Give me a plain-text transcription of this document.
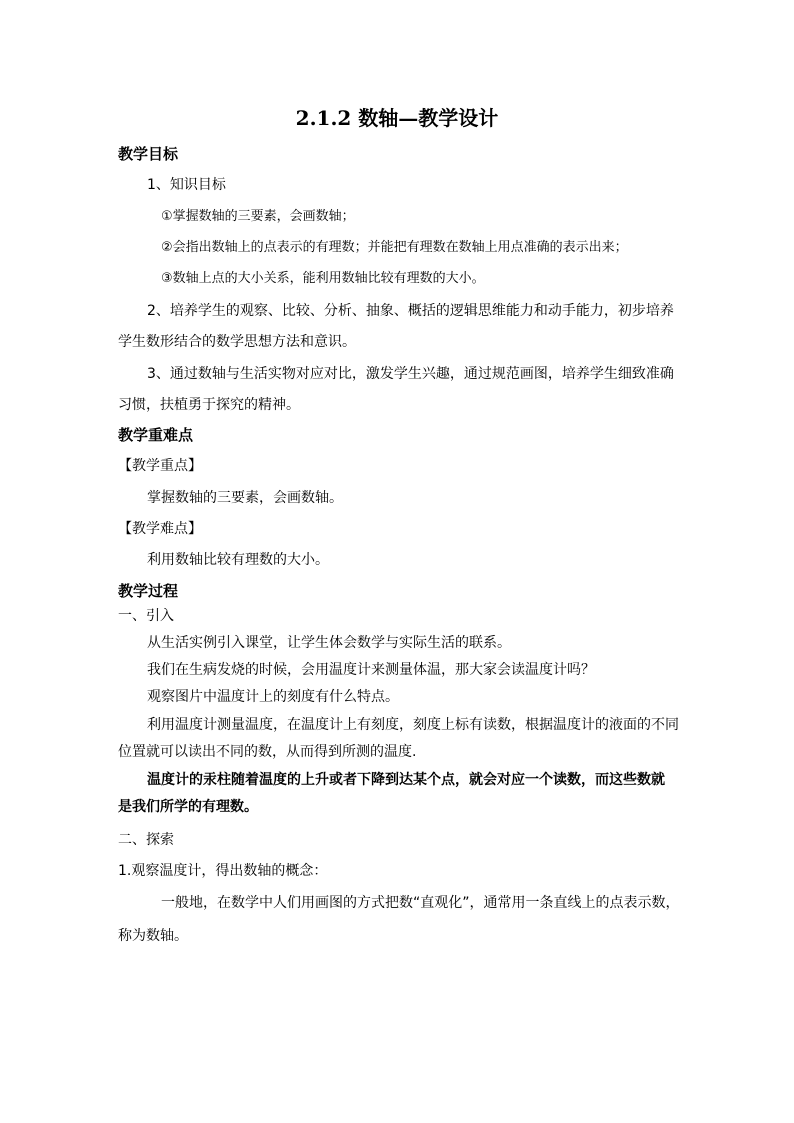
2.1.2 数轴—教学设计
教学目标
1、知识目标
①掌握数轴的三要素，会画数轴；
②会指出数轴上的点表示的有理数；并能把有理数在数轴上用点准确的表示出来；
③数轴上点的大小关系，能利用数轴比较有理数的大小。
2、培养学生的观察、比较、分析、抽象、概括的逻辑思维能力和动手能力，初步培养
学生数形结合的数学思想方法和意识。
3、通过数轴与生活实物对应对比，激发学生兴趣，通过规范画图，培养学生细致准确
习惯，扶植勇于探究的精神。
教学重难点
【教学重点】
掌握数轴的三要素，会画数轴。
【教学难点】
利用数轴比较有理数的大小。
教学过程
一、引入
从生活实例引入课堂，让学生体会数学与实际生活的联系。
我们在生病发烧的时候，会用温度计来测量体温，那大家会读温度计吗？
观察图片中温度计上的刻度有什么特点。
利用温度计测量温度，在温度计上有刻度，刻度上标有读数，根据温度计的液面的不同
位置就可以读出不同的数，从而得到所测的温度.
温度计的汞柱随着温度的上升或者下降到达某个点，就会对应一个读数，而这些数就
是我们所学的有理数。
二、探索
1.观察温度计，得出数轴的概念：
一般地，在数学中人们用画图的方式把数“直观化”，通常用一条直线上的点表示数，
称为数轴。
